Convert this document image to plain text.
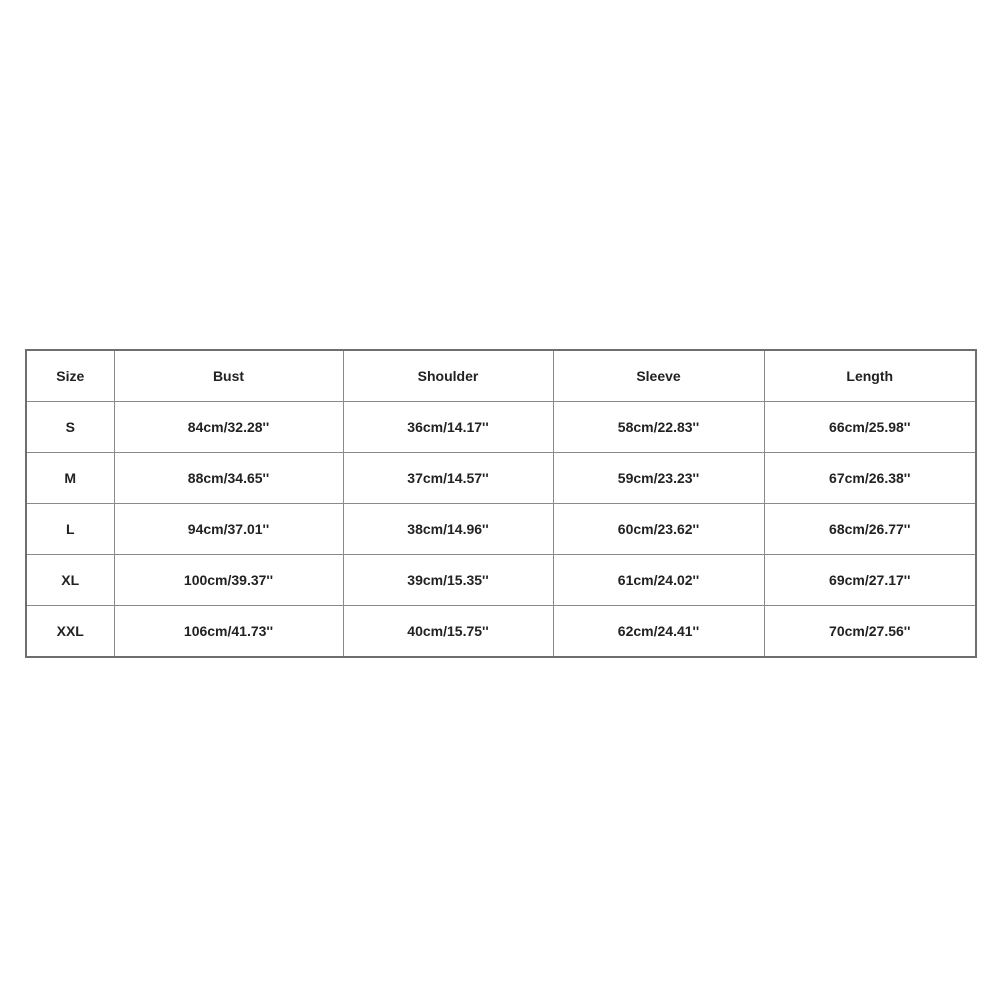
Size	Bust	Shoulder	Sleeve	Length
S	84cm/32.28''	36cm/14.17''	58cm/22.83''	66cm/25.98''
M	88cm/34.65''	37cm/14.57''	59cm/23.23''	67cm/26.38''
L	94cm/37.01''	38cm/14.96''	60cm/23.62''	68cm/26.77''
XL	100cm/39.37''	39cm/15.35''	61cm/24.02''	69cm/27.17''
XXL	106cm/41.73''	40cm/15.75''	62cm/24.41''	70cm/27.56''
